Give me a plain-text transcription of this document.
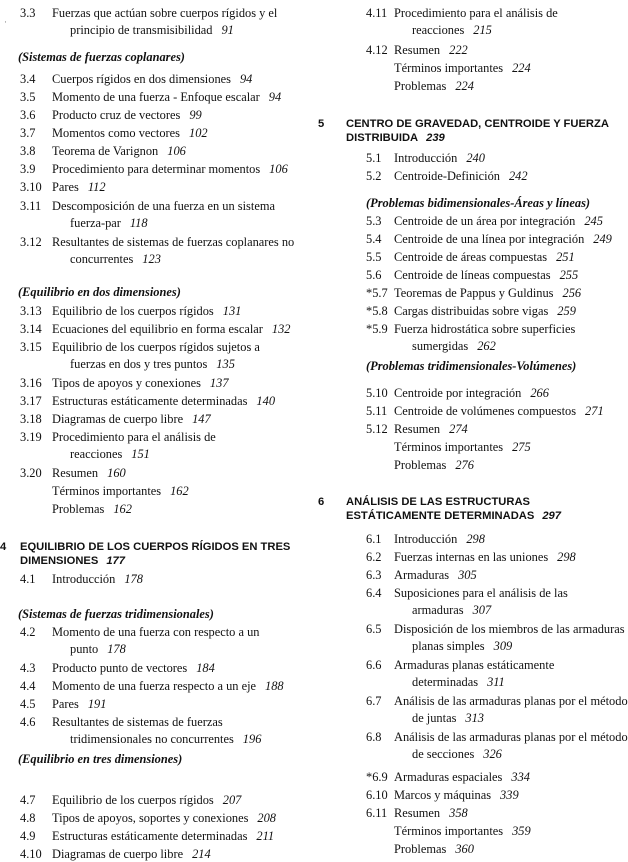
·
3.3 Fuerzas que actúan sobre cuerpos rígidos y el
principio de transmisibilidad 91
(Sistemas de fuerzas coplanares)
3.4 Cuerpos rígidos en dos dimensiones 94
3.5 Momento de una fuerza - Enfoque escalar 94
3.6 Producto cruz de vectores 99
3.7 Momentos como vectores 102
3.8 Teorema de Varignon 106
3.9 Procedimiento para determinar momentos 106
3.10 Pares 112
3.11 Descomposición de una fuerza en un sistema
fuerza-par 118
3.12 Resultantes de sistemas de fuerzas coplanares no
concurrentes 123
(Equilibrio en dos dimensiones)
3.13 Equilibrio de los cuerpos rígidos 131
3.14 Ecuaciones del equilibrio en forma escalar 132
3.15 Equilibrio de los cuerpos rígidos sujetos a
fuerzas en dos y tres puntos 135
3.16 Tipos de apoyos y conexiones 137
3.17 Estructuras estáticamente determinadas 140
3.18 Diagramas de cuerpo libre 147
3.19 Procedimiento para el análisis de
reacciones 151
3.20 Resumen 160
Términos importantes 162
Problemas 162
4 EQUILIBRIO DE LOS CUERPOS RÍGIDOS EN TRES
DIMENSIONES 177
4.1 Introducción 178
(Sistemas de fuerzas tridimensionales)
4.2 Momento de una fuerza con respecto a un
punto 178
4.3 Producto punto de vectores 184
4.4 Momento de una fuerza respecto a un eje 188
4.5 Pares 191
4.6 Resultantes de sistemas de fuerzas
tridimensionales no concurrentes 196
(Equilibrio en tres dimensiones)
4.7 Equilibrio de los cuerpos rígidos 207
4.8 Tipos de apoyos, soportes y conexiones 208
4.9 Estructuras estáticamente determinadas 211
4.10 Diagramas de cuerpo libre 214
4.11 Procedimiento para el análisis de
reacciones 215
4.12 Resumen 222
Términos importantes 224
Problemas 224
5 CENTRO DE GRAVEDAD, CENTROIDE Y FUERZA
DISTRIBUIDA 239
5.1 Introducción 240
5.2 Centroide-Definición 242
(Problemas bidimensionales-Áreas y líneas)
5.3 Centroide de un área por integración 245
5.4 Centroide de una línea por integración 249
5.5 Centroide de áreas compuestas 251
5.6 Centroide de líneas compuestas 255
*5.7 Teoremas de Pappus y Guldinus 256
*5.8 Cargas distribuidas sobre vigas 259
*5.9 Fuerza hidrostática sobre superficies
sumergidas 262
(Problemas tridimensionales-Volúmenes)
5.10 Centroide por integración 266
5.11 Centroide de volúmenes compuestos 271
5.12 Resumen 274
Términos importantes 275
Problemas 276
6 ANÁLISIS DE LAS ESTRUCTURAS
ESTÁTICAMENTE DETERMINADAS 297
6.1 Introducción 298
6.2 Fuerzas internas en las uniones 298
6.3 Armaduras 305
6.4 Suposiciones para el análisis de las
armaduras 307
6.5 Disposición de los miembros de las armaduras
planas simples 309
6.6 Armaduras planas estáticamente
determinadas 311
6.7 Análisis de las armaduras planas por el método
de juntas 313
6.8 Análisis de las armaduras planas por el método
de secciones 326
*6.9 Armaduras espaciales 334
6.10 Marcos y máquinas 339
6.11 Resumen 358
Términos importantes 359
Problemas 360
